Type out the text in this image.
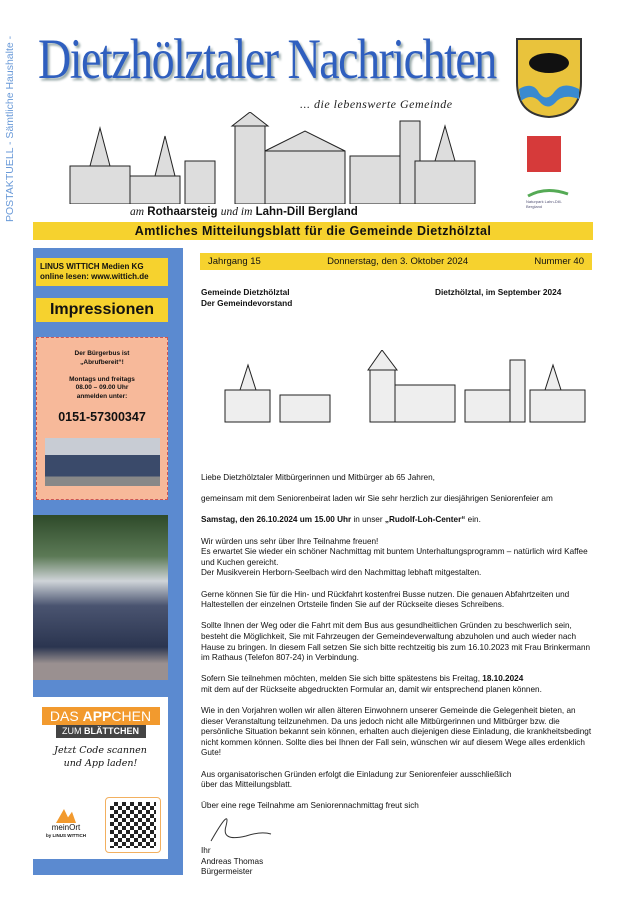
POSTAKTUELL - Sämtliche Haushalte - Dietzhölztaler Nachrichten
... die lebenswerte Gemeinde
am Rothaarsteig und im Lahn-Dill Bergland
Naturpark Lahn-Dill-Bergland
Amtliches Mitteilungsblatt für die Gemeinde Dietzhölztal
LINUS WITTICH Medien KG
online lesen: www.wittich.de
Impressionen
Der Bürgerbus ist
„Abrufbereit“!

Montags und freitags
08.00 – 09.00 Uhr
anmelden unter:
0151-57300347
DAS APPCHEN
ZUM BLÄTTCHEN
Jetzt Code scannen
und App laden!
meinOrt
by LINUS WITTICH
Jahrgang 15	Donnerstag, den 3. Oktober 2024	Nummer 40
Gemeinde Dietzhölztal
Der Gemeindevorstand
Dietzhölztal, im September 2024

Liebe Dietzhölztaler Mitbürgerinnen und Mitbürger ab 65 Jahren,

gemeinsam mit dem Seniorenbeirat laden wir Sie sehr herzlich zur diesjährigen Seniorenfeier am

Samstag, den 26.10.2024 um 15.00 Uhr in unser „Rudolf-Loh-Center“ ein.

Wir würden uns sehr über Ihre Teilnahme freuen!
Es erwartet Sie wieder ein schöner Nachmittag mit buntem Unterhaltungsprogramm – natürlich wird Kaffee und Kuchen gereicht.
Der Musikverein Herborn-Seelbach wird den Nachmittag lebhaft mitgestalten.

Gerne können Sie für die Hin- und Rückfahrt kostenfrei Busse nutzen. Die genauen Abfahrtzeiten und Haltestellen der einzelnen Ortsteile finden Sie auf der Rückseite dieses Schreibens.

Sollte Ihnen der Weg oder die Fahrt mit dem Bus aus gesundheitlichen Gründen zu beschwerlich sein, besteht die Möglichkeit, Sie mit Fahrzeugen der Gemeindeverwaltung abzuholen und auch wieder nach Hause zu bringen. In diesem Fall setzen Sie sich bitte rechtzeitig bis zum 16.10.2023 mit Frau Brinkermann im Rathaus (Telefon 807-24) in Verbindung.

Sofern Sie teilnehmen möchten, melden Sie sich bitte spätestens bis Freitag, 18.10.2024
mit dem auf der Rückseite abgedruckten Formular an, damit wir entsprechend planen können.

Wie in den Vorjahren wollen wir allen älteren Einwohnern unserer Gemeinde die Gelegenheit bieten, an dieser Veranstaltung teilzunehmen. Da uns jedoch nicht alle Mitbürgerinnen und Mitbürger bzw. die persönliche Situation bekannt sein können, erhalten auch diejenigen diese Einladung, die krankheitsbedingt nicht kommen können. Sollte dies bei Ihnen der Fall sein, wünschen wir auf diesem Wege alles erdenklich Gute!

Aus organisatorischen Gründen erfolgt die Einladung zur Seniorenfeier ausschließlich
über das Mitteilungsblatt.

Über eine rege Teilnahme am Seniorennachmittag freut sich

Ihr
Andreas Thomas
Bürgermeister
